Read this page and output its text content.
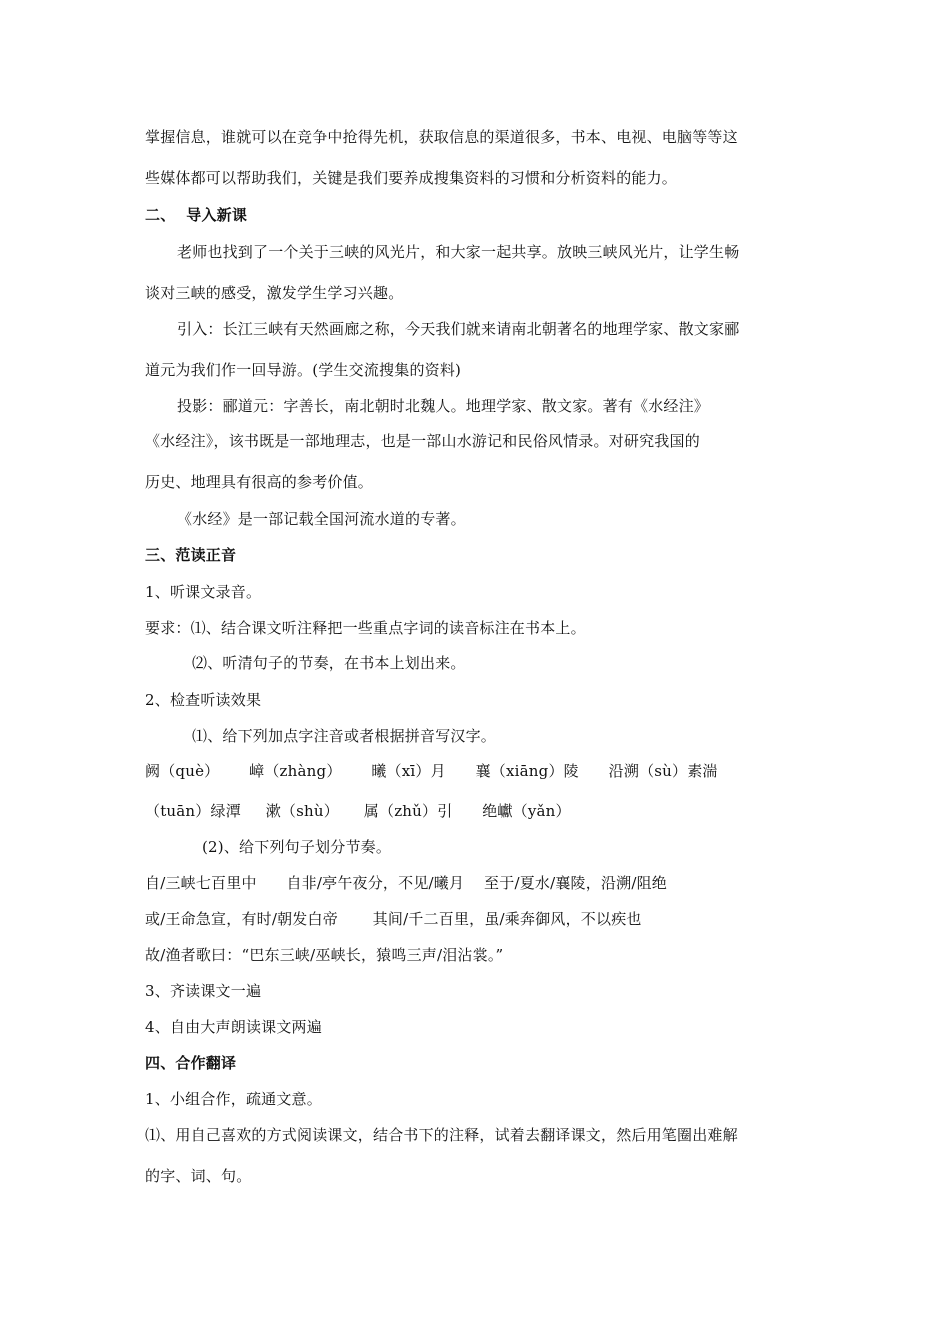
掌握信息，谁就可以在竞争中抢得先机，获取信息的渠道很多，书本、电视、电脑等等这
些媒体都可以帮助我们，关键是我们要养成搜集资料的习惯和分析资料的能力。
二、  导入新课
老师也找到了一个关于三峡的风光片，和大家一起共享。放映三峡风光片，让学生畅
谈对三峡的感受，激发学生学习兴趣。
引入：长江三峡有天然画廊之称，今天我们就来请南北朝著名的地理学家、散文家郦
道元为我们作一回导游。(学生交流搜集的资料)
投影：郦道元：字善长，南北朝时北魏人。地理学家、散文家。著有《水经注》
《水经注》，该书既是一部地理志，也是一部山水游记和民俗风情录。对研究我国的
历史、地理具有很高的参考价值。
《水经》是一部记载全国河流水道的专著。
三、范读正音
1、听课文录音。
要求：⑴、结合课文听注释把一些重点字词的读音标注在书本上。
⑵、听清句子的节奏，在书本上划出来。
2、检查听读效果
⑴、给下列加点字注音或者根据拼音写汉字。
阙（què）      嶂（zhàng）      曦（xī）月      襄（xiāng）陵      沿溯（sù）素湍
（tuān）绿潭     漱（shù）     属（zhǔ）引      绝巘（yǎn）
(2)、给下列句子划分节奏。
自/三峡七百里中      自非/亭午夜分，不见/曦月    至于/夏水/襄陵，沿溯/阻绝
或/王命急宣，有时/朝发白帝       其间/千二百里，虽/乘奔御风，不以疾也
故/渔者歌曰：“巴东三峡/巫峡长，猿鸣三声/泪沾裳。”
3、齐读课文一遍
4、自由大声朗读课文两遍
四、合作翻译
1、小组合作，疏通文意。
⑴、用自己喜欢的方式阅读课文，结合书下的注释，试着去翻译课文，然后用笔圈出难解
的字、词、句。
